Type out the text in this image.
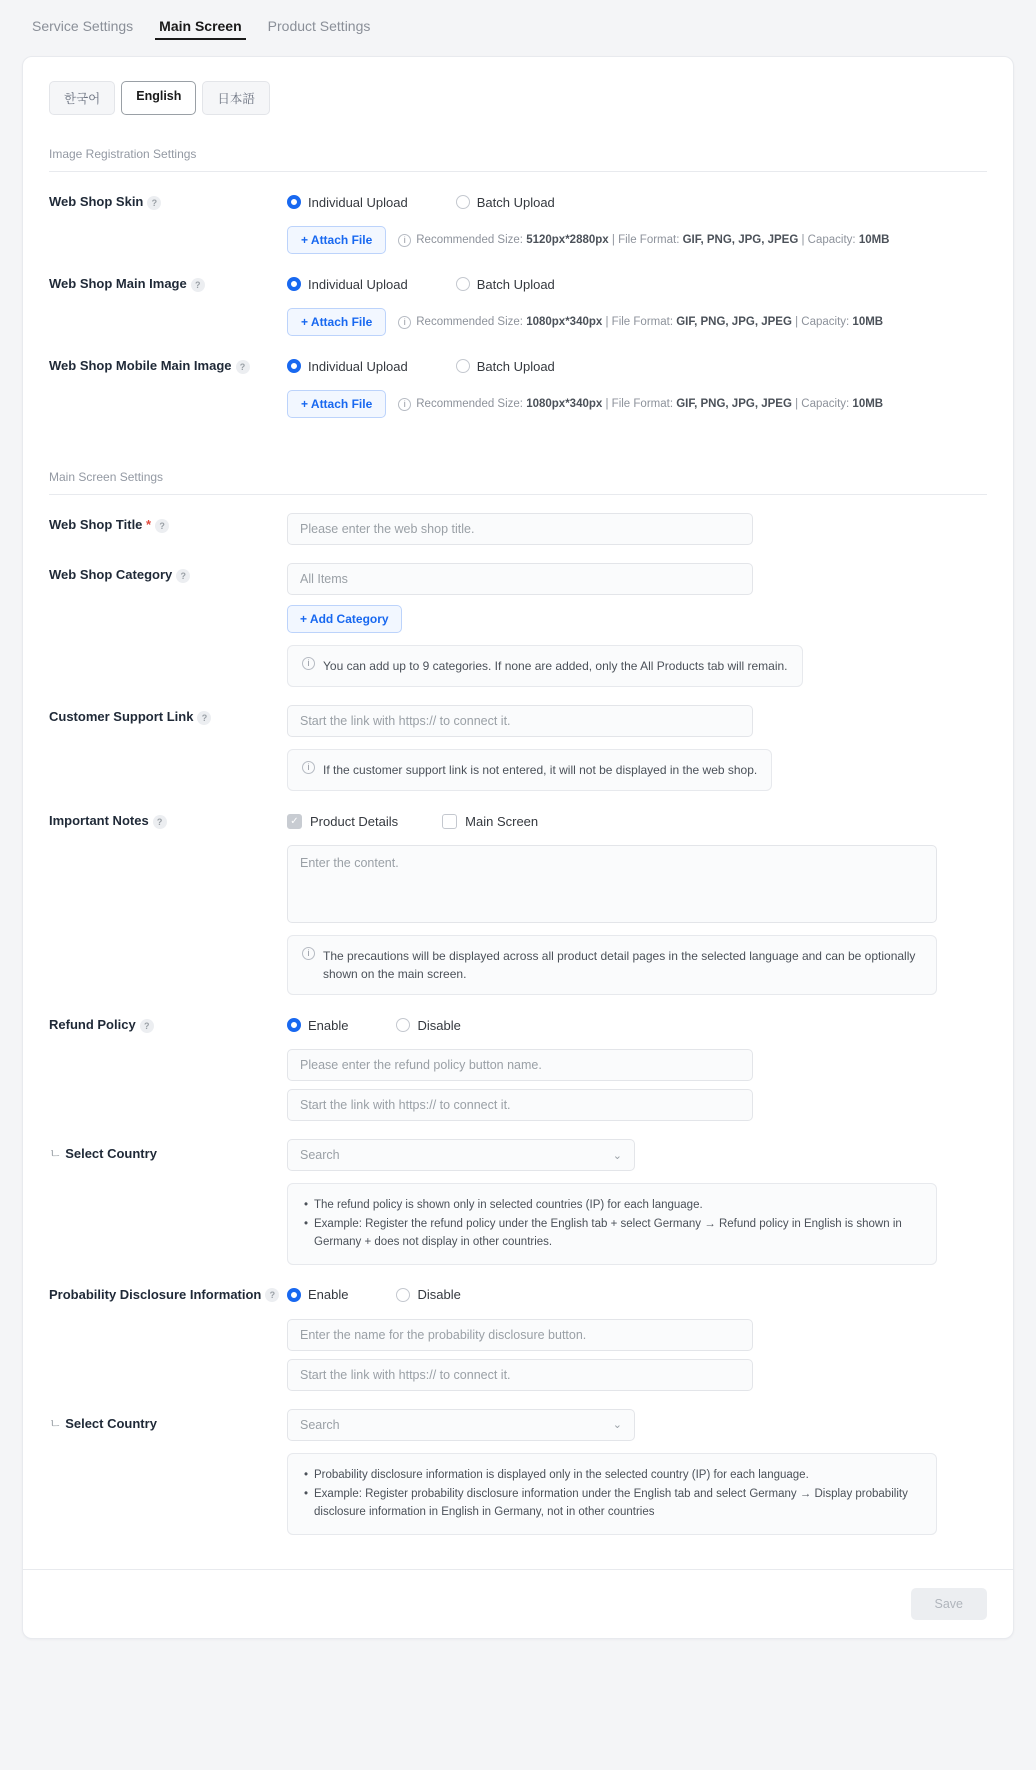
Service Settings	Main Screen	Product Settings
한국어	English	日本語
Image Registration Settings
Web Shop Skin ?	Individual Upload	Batch Upload
+ Attach File	i Recommended Size: 5120px*2880px | File Format: GIF, PNG, JPG, JPEG | Capacity: 10MB
Web Shop Main Image ?	Individual Upload	Batch Upload
+ Attach File	i Recommended Size: 1080px*340px | File Format: GIF, PNG, JPG, JPEG | Capacity: 10MB
Web Shop Mobile Main Image ?	Individual Upload	Batch Upload
+ Attach File	i Recommended Size: 1080px*340px | File Format: GIF, PNG, JPG, JPEG | Capacity: 10MB
Main Screen Settings
Web Shop Title * ?	Please enter the web shop title.
Web Shop Category ?	All Items
+ Add Category
i	You can add up to 9 categories. If none are added, only the All Products tab will remain.
Customer Support Link ?	Start the link with https:// to connect it.
i	If the customer support link is not entered, it will not be displayed in the web shop.
Important Notes ?	✓ Product Details	Main Screen
Enter the content.
i	The precautions will be displayed across all product detail pages in the selected language and can be optionally shown on the main screen.
Refund Policy ?	Enable	Disable
Please enter the refund policy button name.
Start the link with https:// to connect it.
ㄴ Select Country	Search	⌄
• The refund policy is shown only in selected countries (IP) for each language.
• Example: Register the refund policy under the English tab + select Germany → Refund policy in English is shown in Germany + does not display in other countries.
Probability Disclosure Information ?	Enable	Disable
Enter the name for the probability disclosure button.
Start the link with https:// to connect it.
ㄴ Select Country	Search	⌄
• Probability disclosure information is displayed only in the selected country (IP) for each language.
• Example: Register probability disclosure information under the English tab and select Germany → Display probability disclosure information in English in Germany, not in other countries
Save
